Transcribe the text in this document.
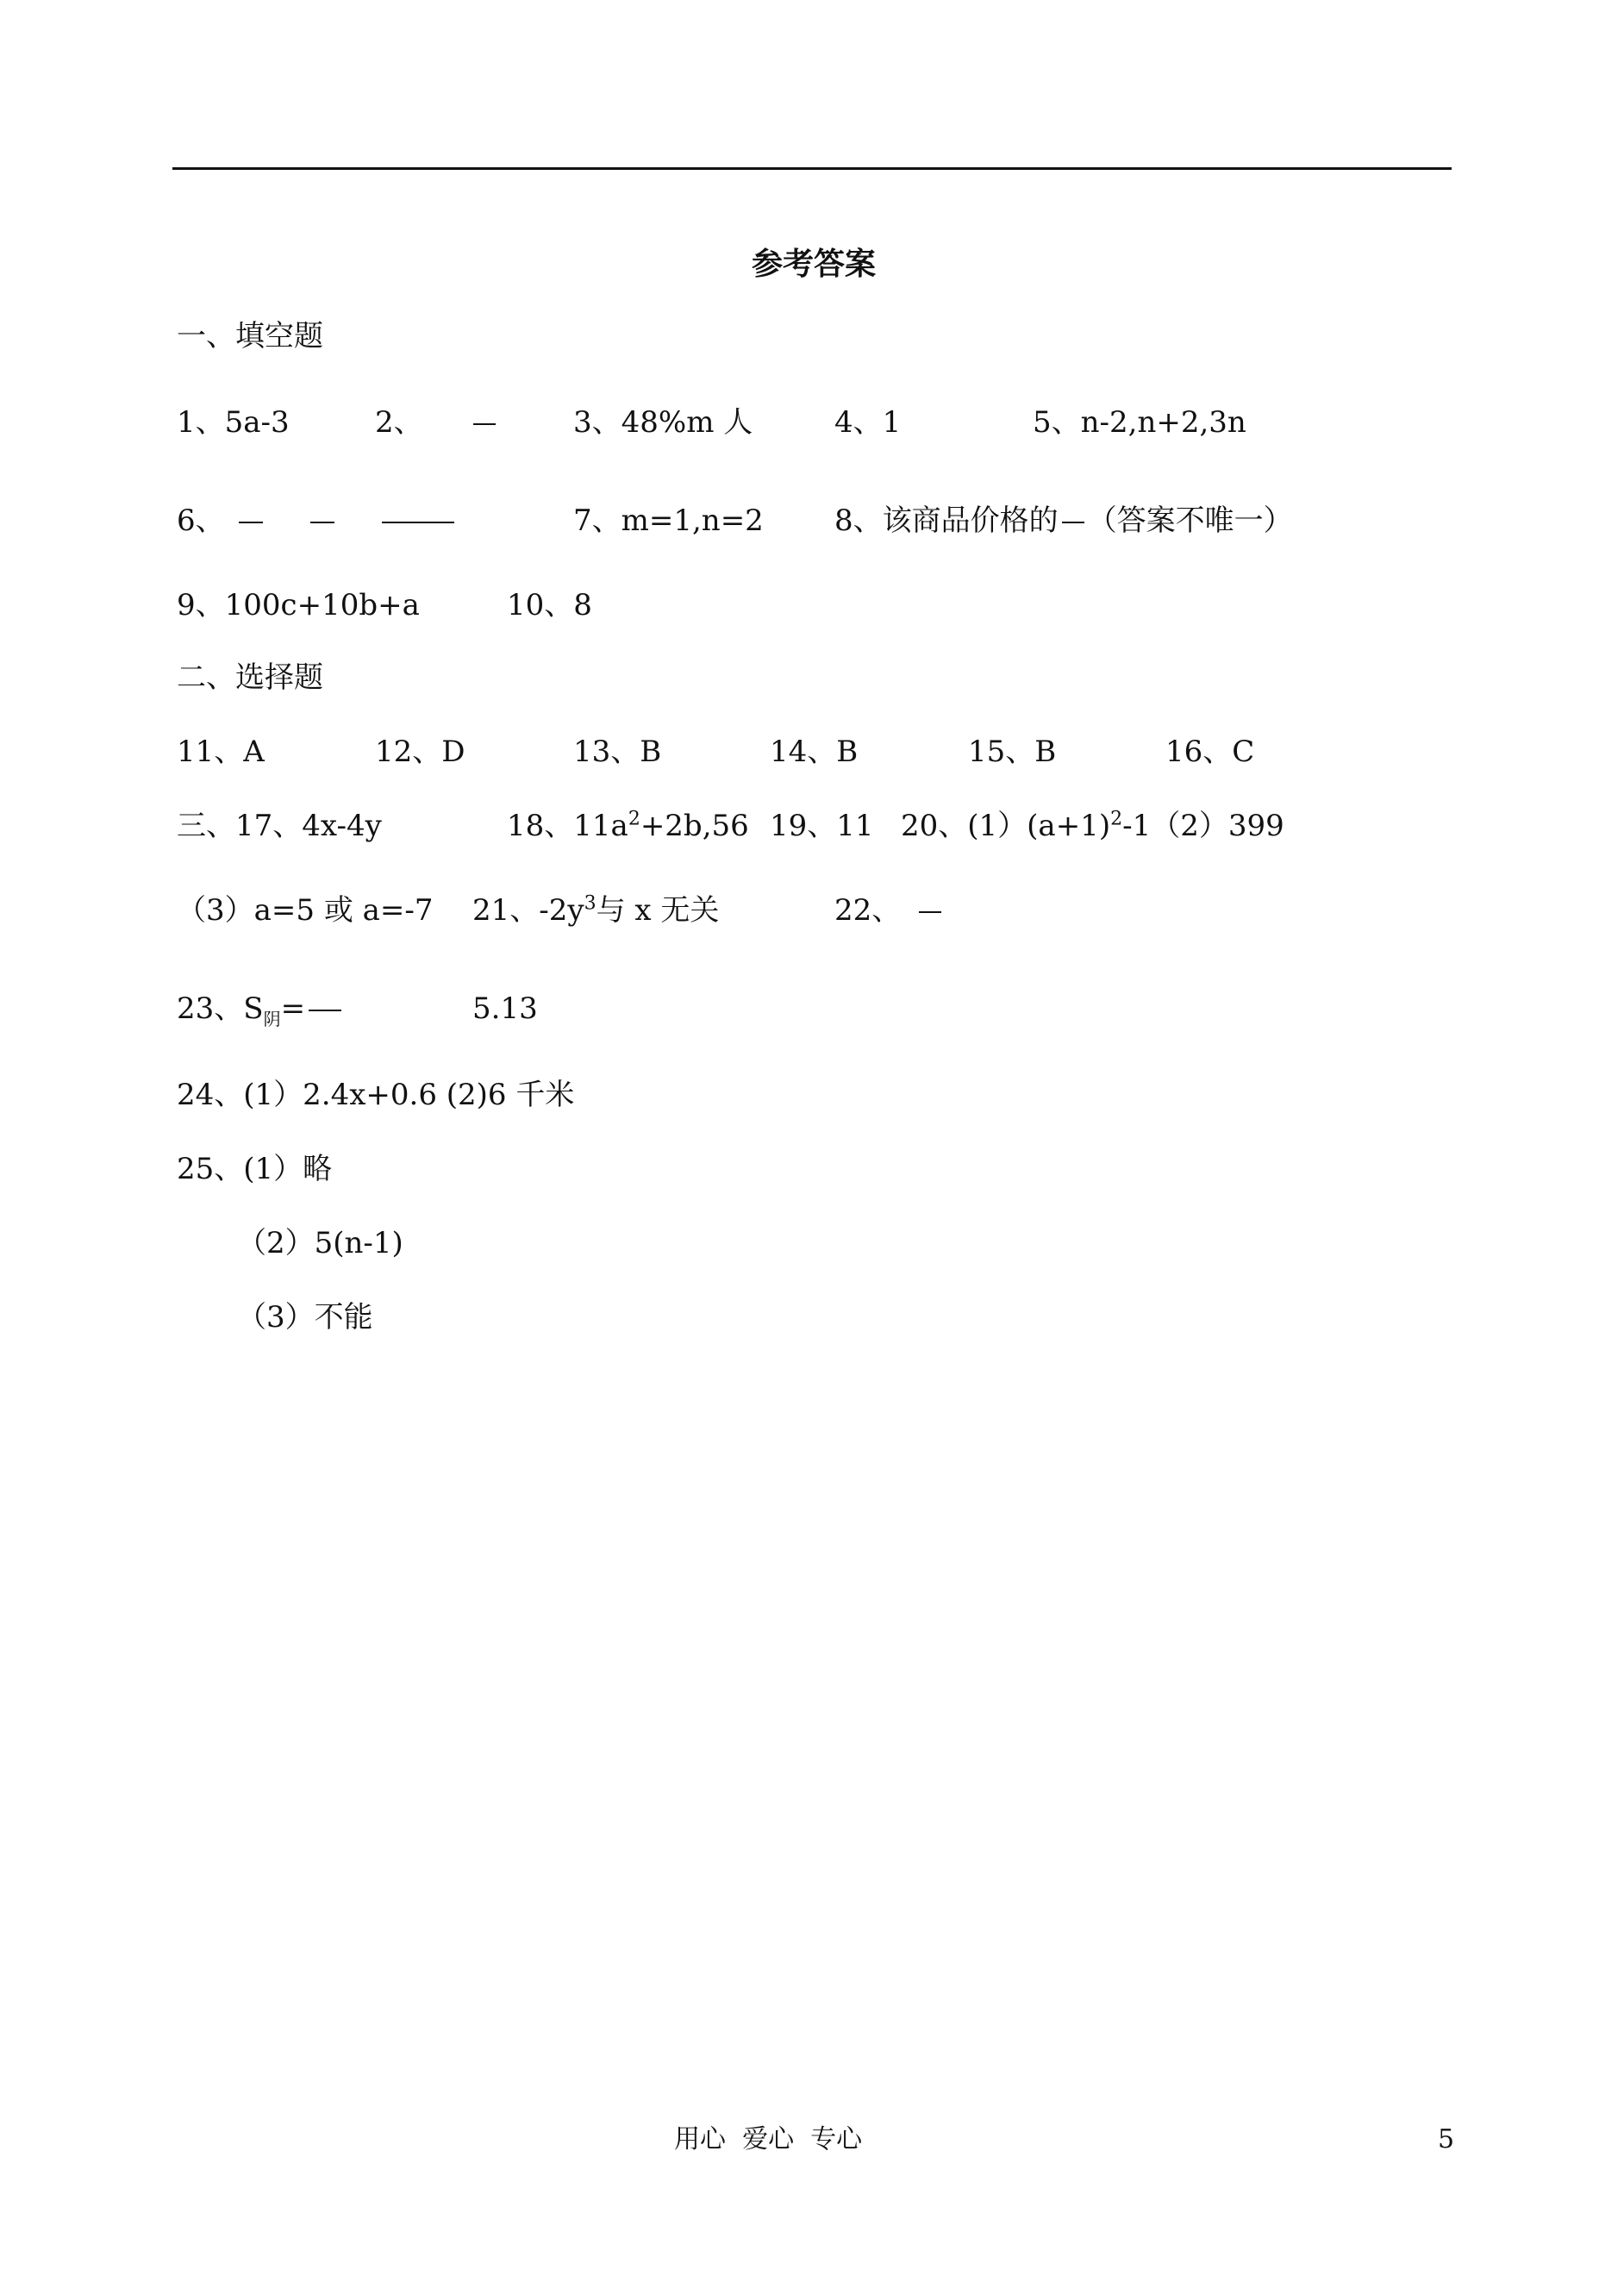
参考答案
一、填空题
1、5a-3	2、	3、48%m 人	4、1	5、n-2,n+2,3n
6、	7、m=1,n=2 8、该商品价格的 （答案不唯一）
9、100c+10b+a	10、8
二、选择题
11、A	12、D	13、B	14、B	15、B	16、C
三、17、4x-4y	18、$11a^2+2b,56$ 19、11 20、$(1)(a+1)^2-1(2)399$
（3）a=5 或 a=-7 21、$-2y^3$与 x 无关	22、
23、$S_阴=$	5.13
24、(1）2.4x+0.6 (2)6 千米
25、(1）略
（2）5(n-1)
（3）不能
用心  爱心  专心	5
